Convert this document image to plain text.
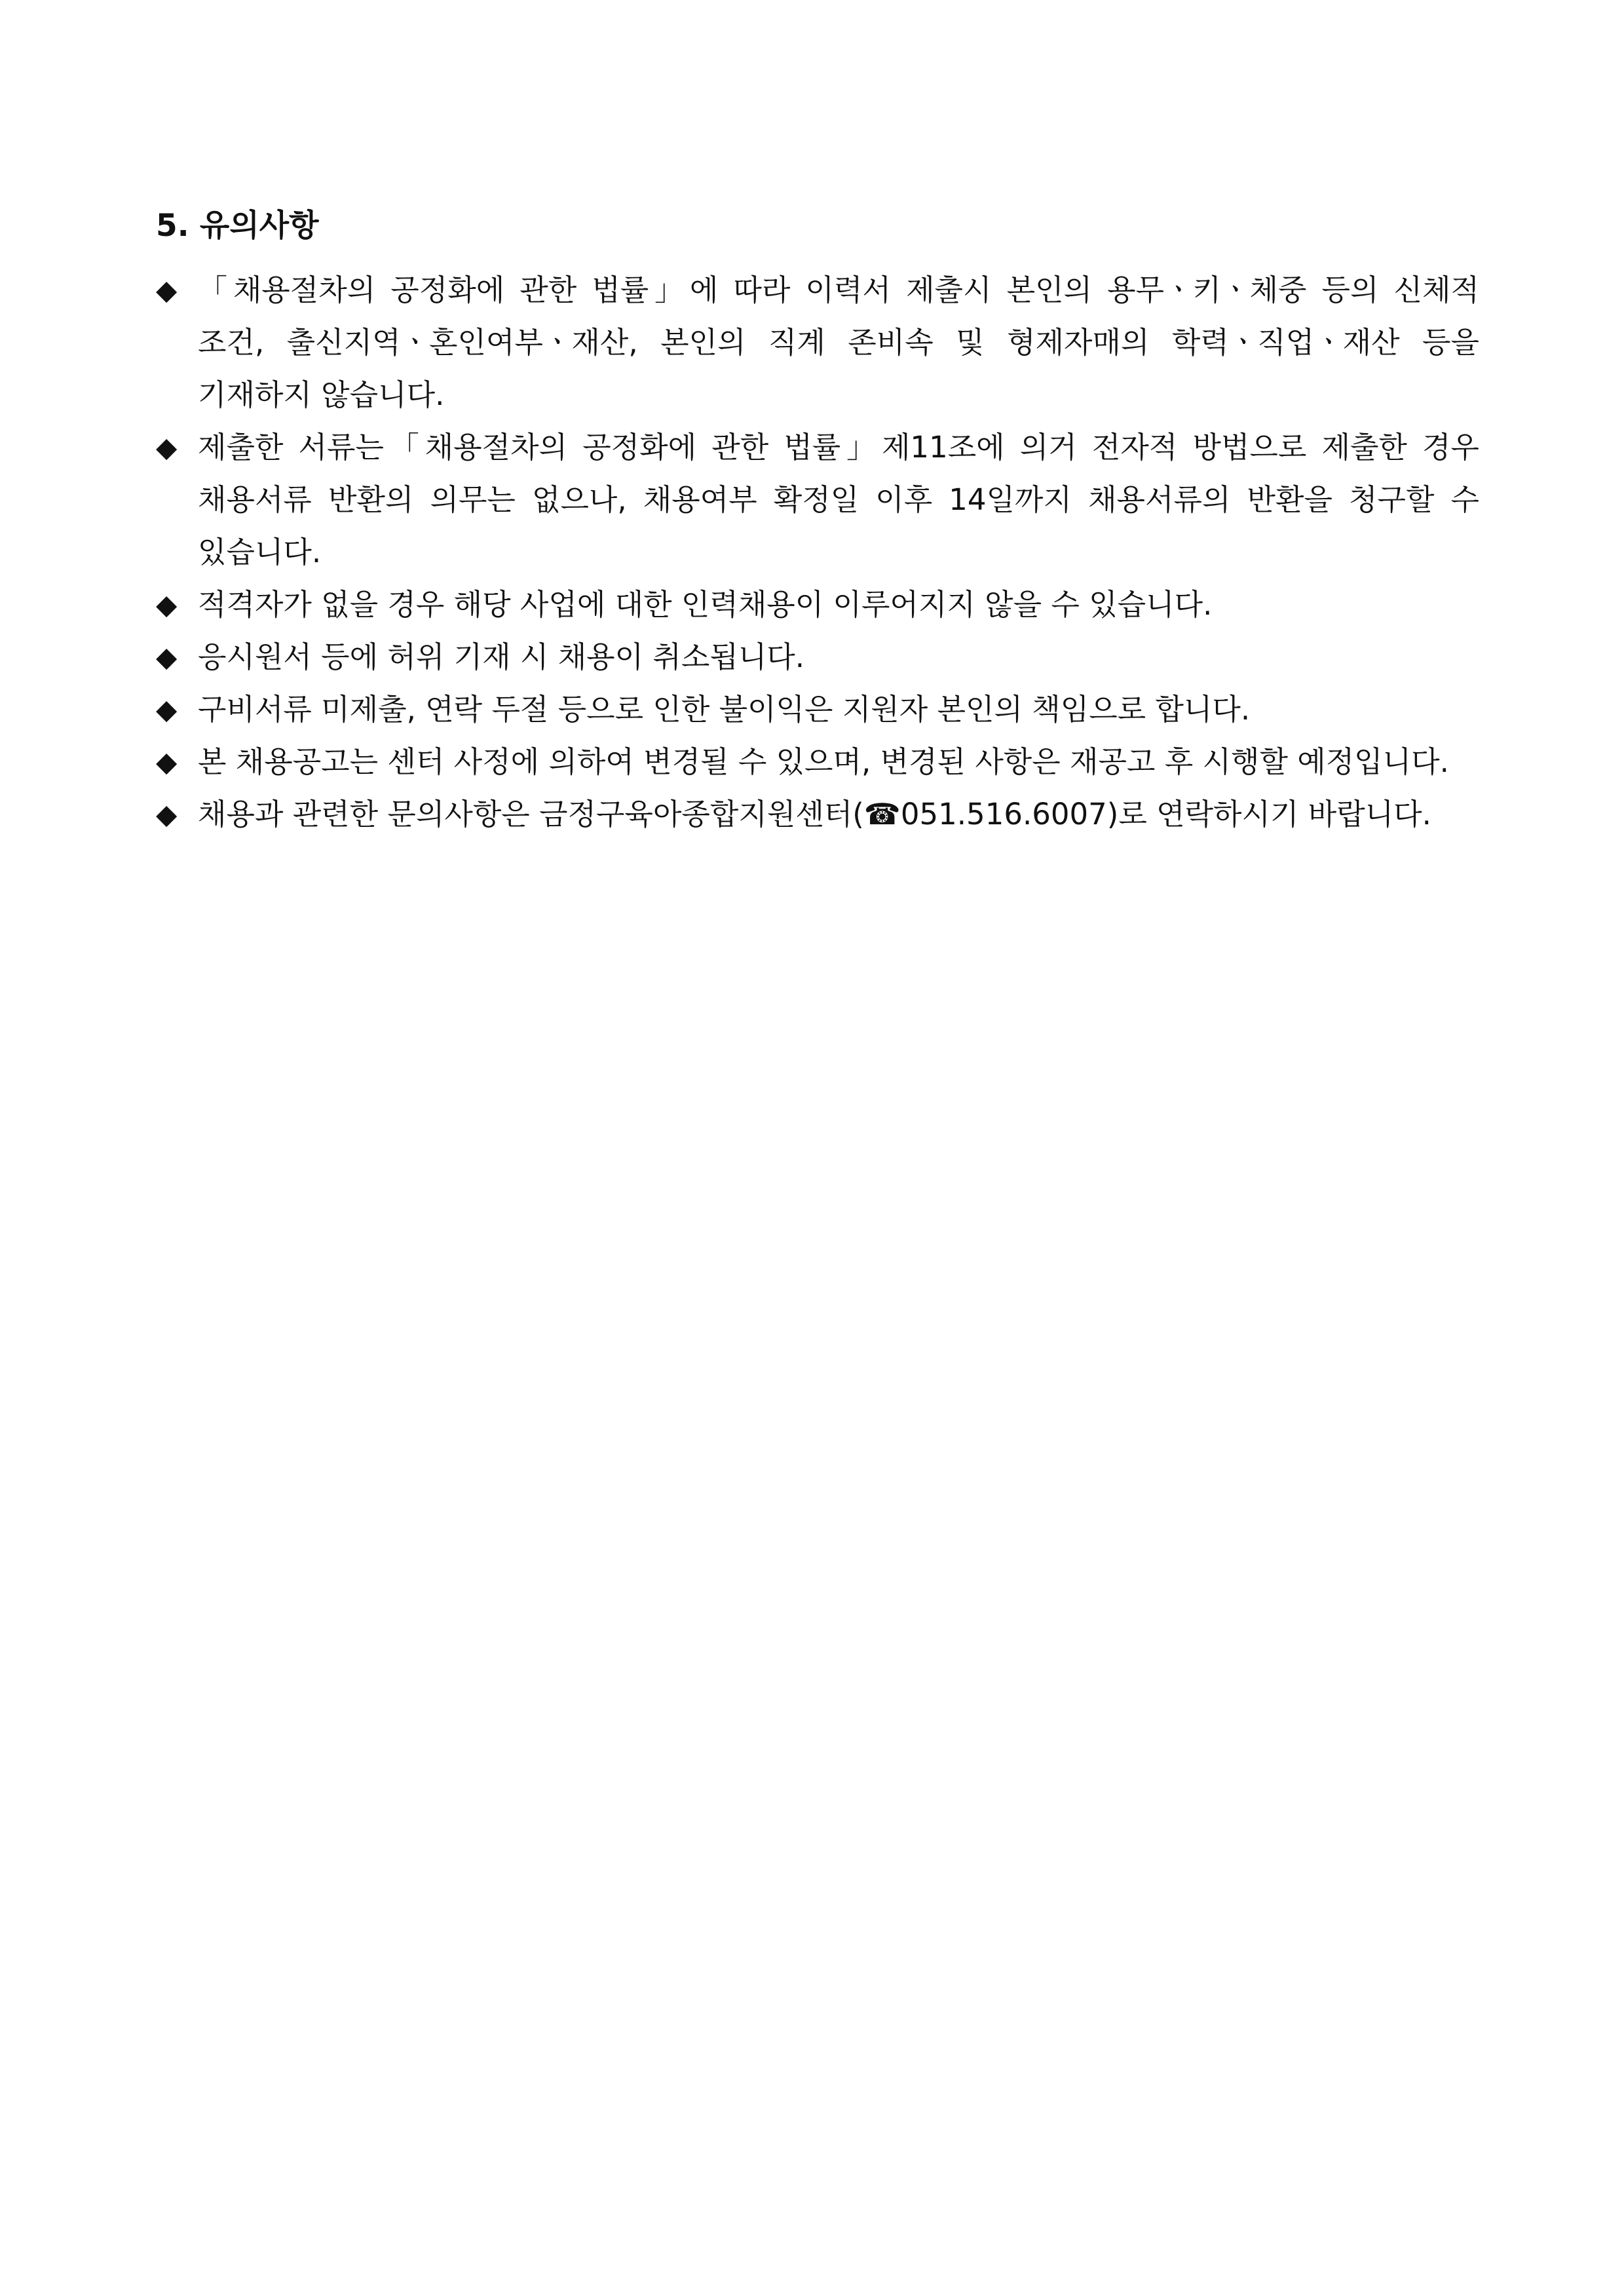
5. 유의사항
◆ 「채용절차의 공정화에 관한 법률」에 따라 이력서 제출시 본인의 용무ㆍ키ㆍ체중 등의 신체적 조건, 출신지역ㆍ혼인여부ㆍ재산, 본인의 직계 존비속 및 형제자매의 학력ㆍ직업ㆍ재산 등을 기재하지 않습니다.
◆ 제출한 서류는「채용절차의 공정화에 관한 법률」제11조에 의거 전자적 방법으로 제출한 경우 채용서류 반환의 의무는 없으나, 채용여부 확정일 이후 14일까지 채용서류의 반환을 청구할 수 있습니다.
◆ 적격자가 없을 경우 해당 사업에 대한 인력채용이 이루어지지 않을 수 있습니다.
◆ 응시원서 등에 허위 기재 시 채용이 취소됩니다.
◆ 구비서류 미제출, 연락 두절 등으로 인한 불이익은 지원자 본인의 책임으로 합니다.
◆ 본 채용공고는 센터 사정에 의하여 변경될 수 있으며, 변경된 사항은 재공고 후 시행할 예정입니다.
◆ 채용과 관련한 문의사항은 금정구육아종합지원센터(☎051.516.6007)로 연락하시기 바랍니다.
